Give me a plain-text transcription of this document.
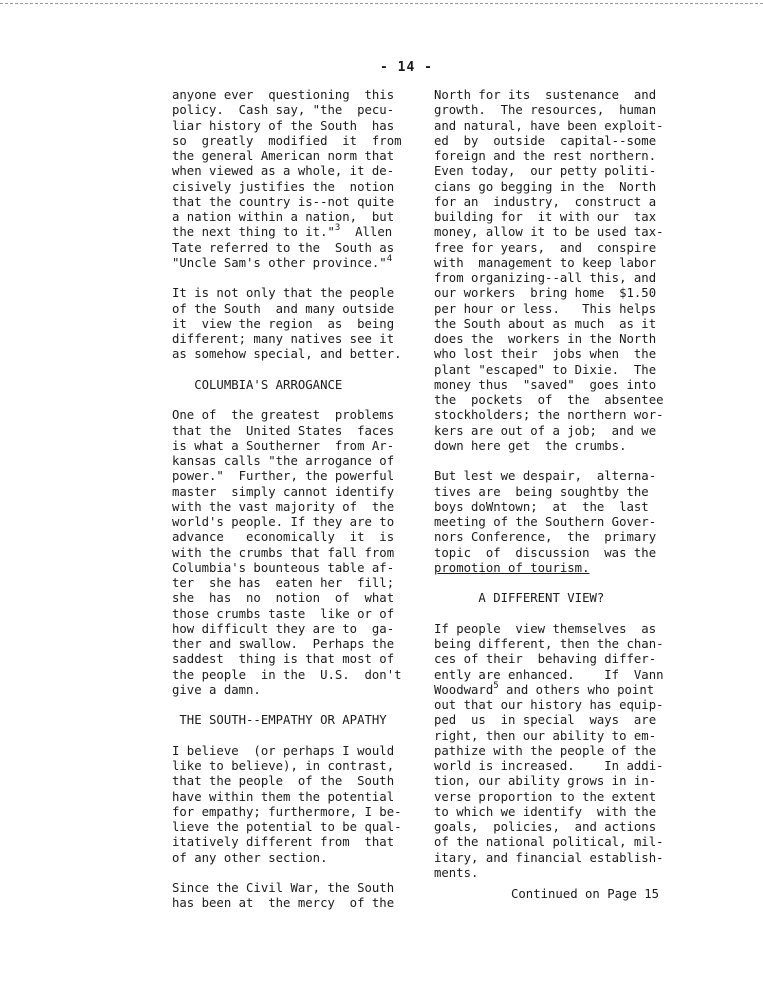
- 14 -
anyone ever  questioning  this
policy.  Cash say, "the  pecu-
liar history of the South  has
so  greatly  modified  it  from
the general American norm that
when viewed as a whole, it de-
cisively justifies the  notion
that the country is--not quite
a nation within a nation,  but
the next thing to it."$^3$  Allen
Tate referred to the  South as
"Uncle Sam's other province."$^4$
It is not only that the people
of the South  and many outside
it  view the region  as  being
different; many natives see it
as somehow special, and better.
COLUMBIA'S ARROGANCE
One of  the greatest  problems
that the  United States  faces
is what a Southerner  from Ar-
kansas calls "the arrogance of
power."  Further, the powerful
master  simply cannot identify
with the vast majority of  the
world's people. If they are to
advance   economically  it  is
with the crumbs that fall from
Columbia's bounteous table af-
ter  she has  eaten her  fill;
she  has  no  notion  of  what
those crumbs taste  like or of
how difficult they are to  ga-
ther and swallow.  Perhaps the
saddest  thing is that most of
the people  in the  U.S.  don't
give a damn.
THE SOUTH--EMPATHY OR APATHY
I believe  (or perhaps I would
like to believe), in contrast,
that the people  of the  South
have within them the potential
for empathy; furthermore, I be-
lieve the potential to be qual-
itatively different from  that
of any other section.
Since the Civil War, the South
has been at  the mercy  of the
North for its  sustenance  and
growth.  The resources,  human
and natural, have been exploit-
ed  by  outside  capital--some
foreign and the rest northern.
Even today,  our petty politi-
cians go begging in the  North
for an  industry,  construct a
building for  it with our  tax
money, allow it to be used tax-
free for years,  and  conspire
with  management to keep labor
from organizing--all this, and
our workers  bring home  $1.50
per hour or less.   This helps
the South about as much  as it
does the  workers in the North
who lost their  jobs when  the
plant "escaped" to Dixie.  The
money thus  "saved"  goes into
the  pockets  of  the  absentee
stockholders; the northern wor-
kers are out of a job;  and we
down here get  the crumbs.
But lest we despair,  alterna-
tives are  being soughtby the
boys doWntown;  at  the  last
meeting of the Southern Gover-
nors Conference,  the  primary
topic  of  discussion  was the
promotion of tourism.
A DIFFERENT VIEW?
If people  view themselves  as
being different, then the chan-
ces of their  behaving differ-
ently are enhanced.    If  Vann
Woodward$^5$ and others who point
out that our history has equip-
ped  us  in special  ways  are
right, then our ability to em-
pathize with the people of the
world is increased.    In addi-
tion, our ability grows in in-
verse proportion to the extent
to which we identify  with the
goals,  policies,  and actions
of the national political, mil-
itary, and financial establish-
ments.
Continued on Page 15
